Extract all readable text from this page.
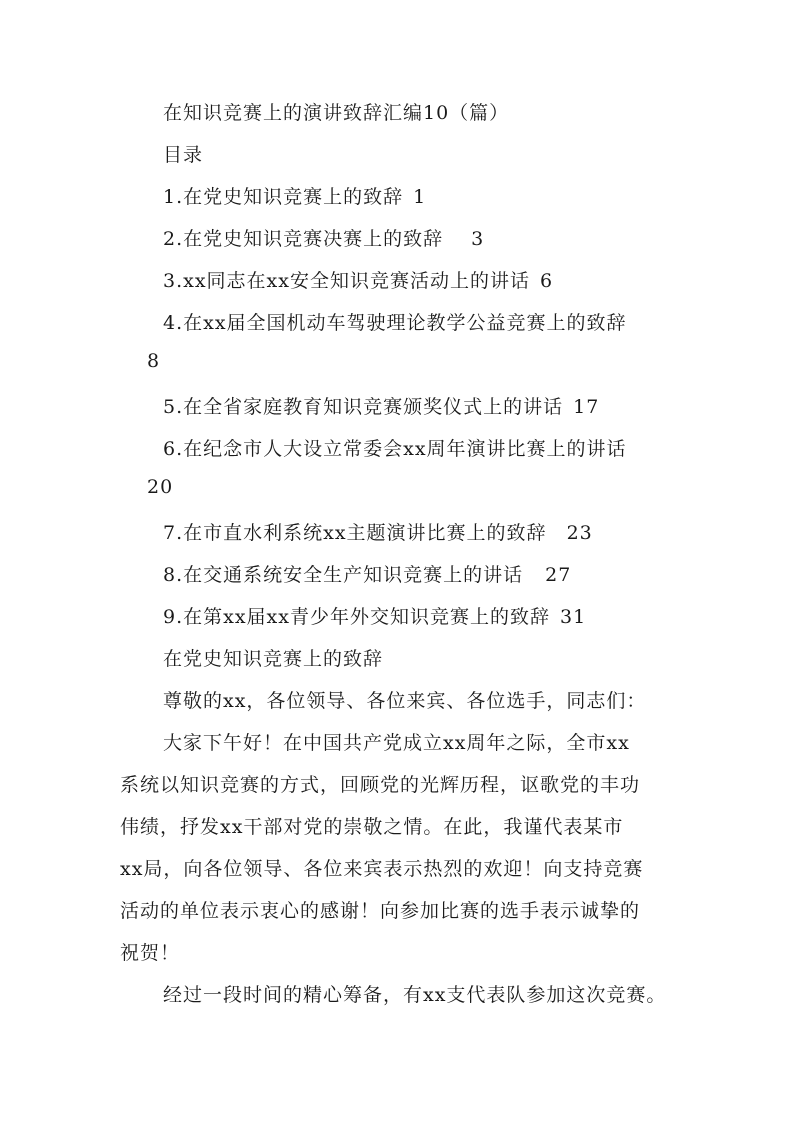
在知识竞赛上的演讲致辞汇编10（篇）
目录
1.在党史知识竞赛上的致辞 1
2.在党史知识竞赛决赛上的致辞 3
3.xx同志在xx安全知识竞赛活动上的讲话 6
4.在xx届全国机动车驾驶理论教学公益竞赛上的致辞
8
5.在全省家庭教育知识竞赛颁奖仪式上的讲话 17
6.在纪念市人大设立常委会xx周年演讲比赛上的讲话
20
7.在市直水利系统xx主题演讲比赛上的致辞 23
8.在交通系统安全生产知识竞赛上的讲话 27
9.在第xx届xx青少年外交知识竞赛上的致辞 31
在党史知识竞赛上的致辞
尊敬的xx，各位领导、各位来宾、各位选手，同志们：
大家下午好！在中国共产党成立xx周年之际，全市xx
系统以知识竞赛的方式，回顾党的光辉历程，讴歌党的丰功
伟绩，抒发xx干部对党的崇敬之情。在此，我谨代表某市
xx局，向各位领导、各位来宾表示热烈的欢迎！向支持竞赛
活动的单位表示衷心的感谢！向参加比赛的选手表示诚挚的
祝贺！
经过一段时间的精心筹备，有xx支代表队参加这次竞赛。
